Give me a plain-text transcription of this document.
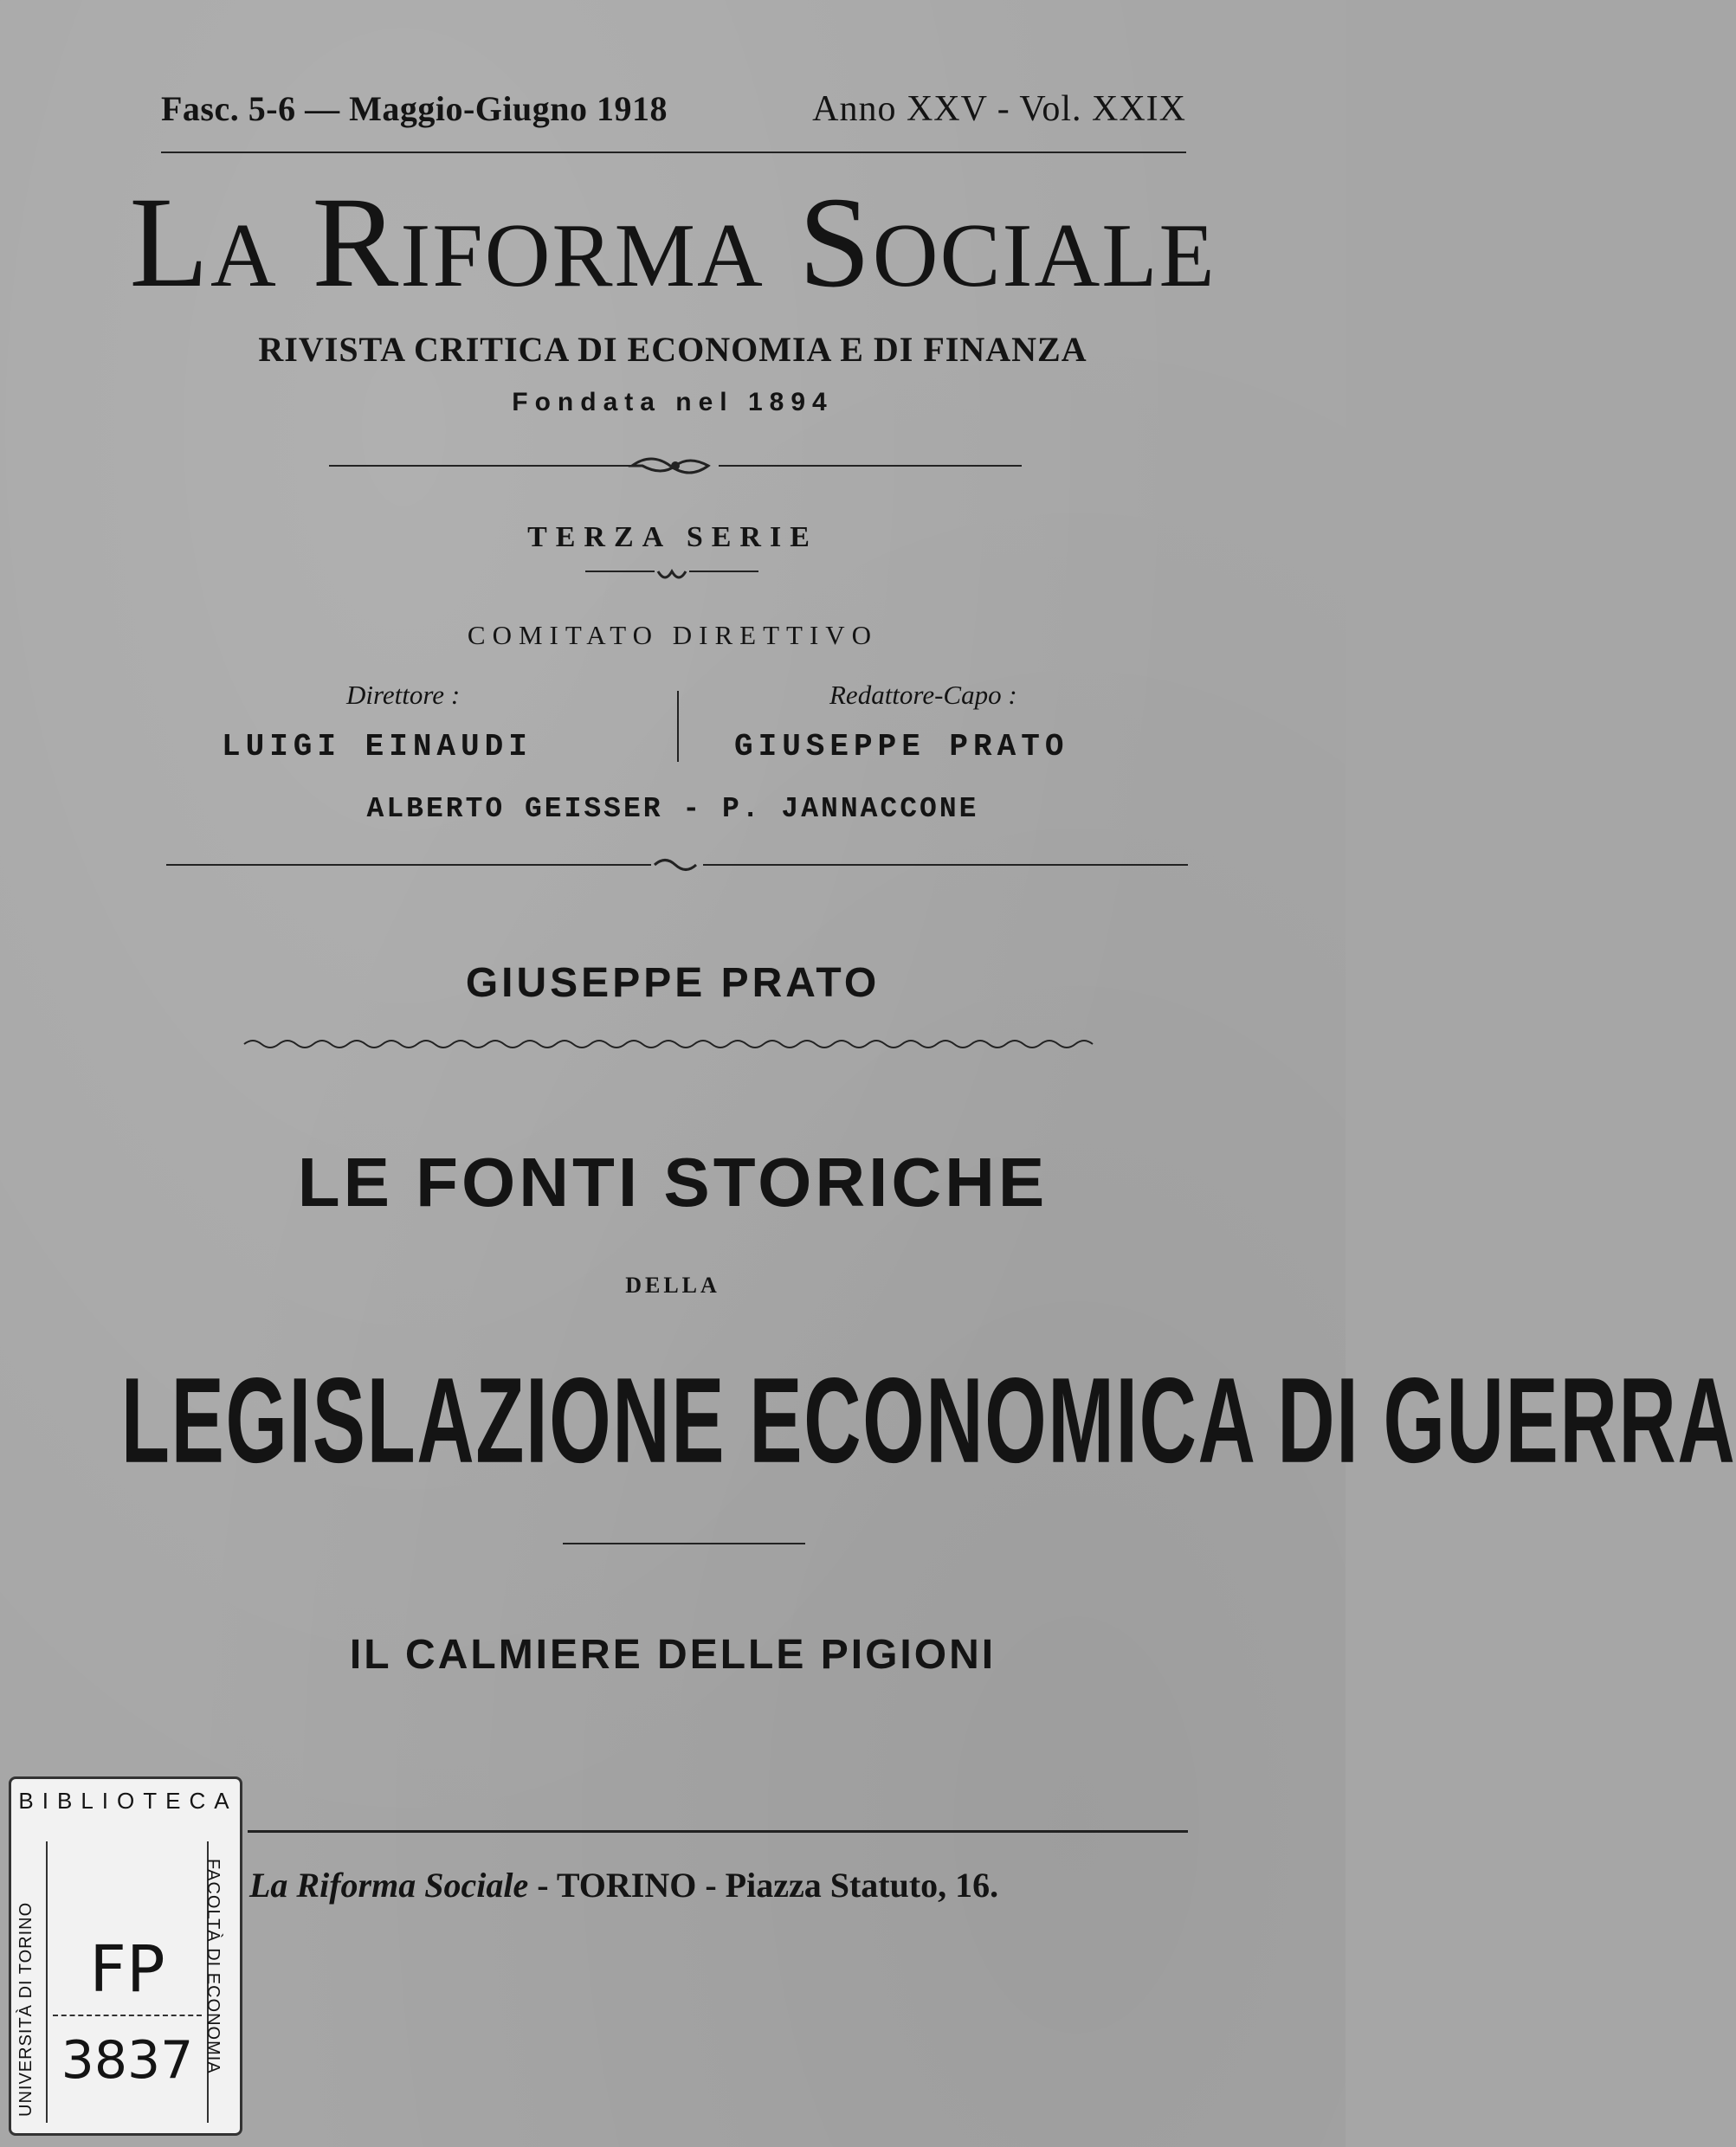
Fasc. 5-6 — Maggio-Giugno 1918	Anno XXV - Vol. XXIX
La Riforma Sociale
RIVISTA CRITICA DI ECONOMIA E DI FINANZA
Fondata nel 1894
TERZA SERIE
COMITATO DIRETTIVO
Direttore :
LUIGI EINAUDI
Redattore-Capo :
GIUSEPPE PRATO
ALBERTO GEISSER - P. JANNACCONE
GIUSEPPE PRATO
LE FONTI STORICHE
DELLA
LEGISLAZIONE ECONOMICA DI GUERRA
IL CALMIERE DELLE PIGIONI
La Riforma Sociale - TORINO - Piazza Statuto, 16.
BIBLIOTECA
UNIVERSITÀ DI TORINO	FACOLTÀ DI ECONOMIA
FP
3837
